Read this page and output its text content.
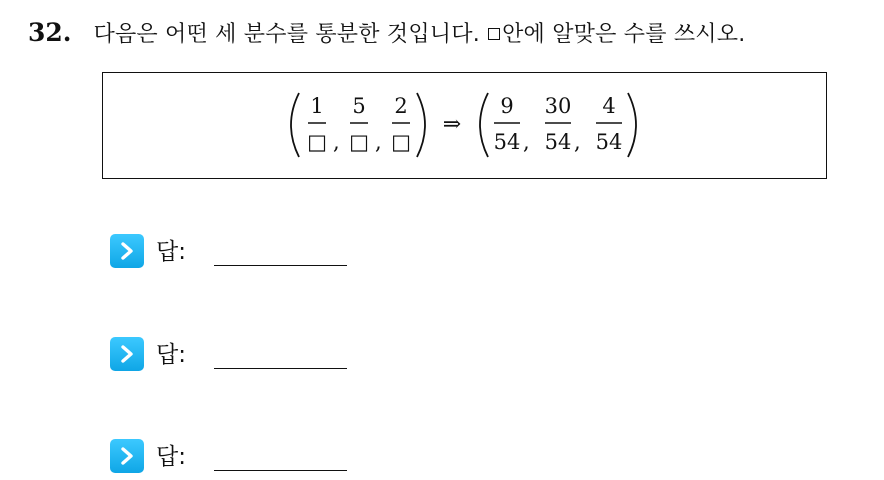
32. 다음은 어떤 세 분수를 통분한 것입니다. 안에 알맞은 수를 쓰시오.
1
□ ,
5
□ ,
2
□
⇒
9
54 ,
30
54 ,
4
54
답:
답:
답:
